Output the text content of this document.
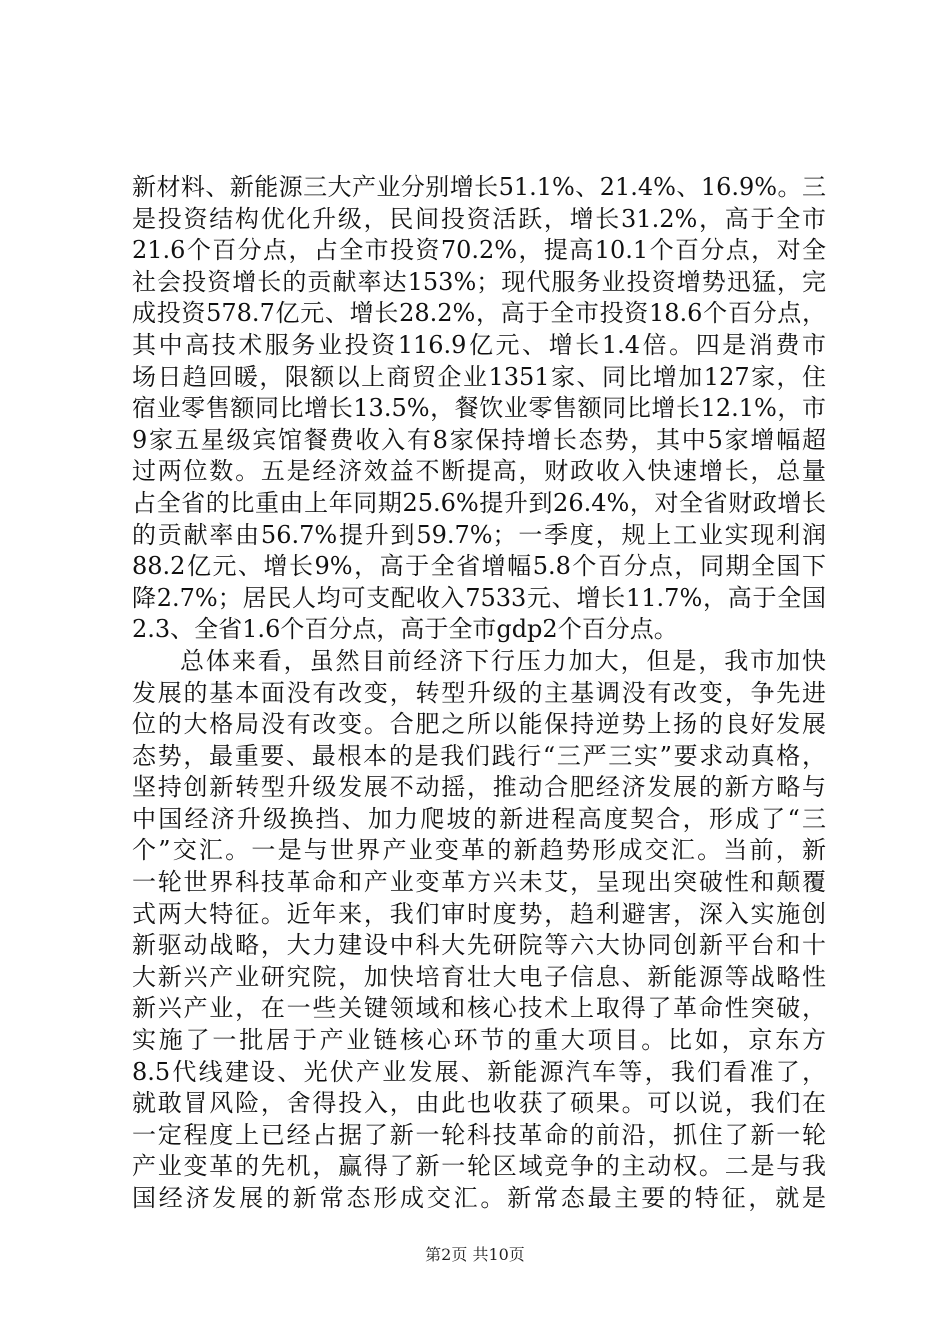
新材料、新能源三大产业分别增长51.1%、21.4%、16.9%。三
是投资结构优化升级，民间投资活跃，增长31.2%，高于全市
21.6个百分点，占全市投资70.2%，提高10.1个百分点，对全
社会投资增长的贡献率达153%；现代服务业投资增势迅猛，完
成投资578.7亿元、增长28.2%，高于全市投资18.6个百分点，
其中高技术服务业投资116.9亿元、增长1.4倍。四是消费市
场日趋回暖，限额以上商贸企业1351家、同比增加127家，住
宿业零售额同比增长13.5%，餐饮业零售额同比增长12.1%，市
9家五星级宾馆餐费收入有8家保持增长态势，其中5家增幅超
过两位数。五是经济效益不断提高，财政收入快速增长，总量
占全省的比重由上年同期25.6%提升到26.4%，对全省财政增长
的贡献率由56.7%提升到59.7%；一季度，规上工业实现利润
88.2亿元、增长9%，高于全省增幅5.8个百分点，同期全国下
降2.7%；居民人均可支配收入7533元、增长11.7%，高于全国
2.3、全省1.6个百分点，高于全市gdp2个百分点。
总体来看，虽然目前经济下行压力加大，但是，我市加快
发展的基本面没有改变，转型升级的主基调没有改变，争先进
位的大格局没有改变。合肥之所以能保持逆势上扬的良好发展
态势，最重要、最根本的是我们践行“三严三实”要求动真格，
坚持创新转型升级发展不动摇，推动合肥经济发展的新方略与
中国经济升级换挡、加力爬坡的新进程高度契合，形成了“三
个”交汇。一是与世界产业变革的新趋势形成交汇。当前，新
一轮世界科技革命和产业变革方兴未艾，呈现出突破性和颠覆
式两大特征。近年来，我们审时度势，趋利避害，深入实施创
新驱动战略，大力建设中科大先研院等六大协同创新平台和十
大新兴产业研究院，加快培育壮大电子信息、新能源等战略性
新兴产业，在一些关键领域和核心技术上取得了革命性突破，
实施了一批居于产业链核心环节的重大项目。比如，京东方
8.5代线建设、光伏产业发展、新能源汽车等，我们看准了，
就敢冒风险，舍得投入，由此也收获了硕果。可以说，我们在
一定程度上已经占据了新一轮科技革命的前沿，抓住了新一轮
产业变革的先机，赢得了新一轮区域竞争的主动权。二是与我
国经济发展的新常态形成交汇。新常态最主要的特征，就是
第2页 共10页
